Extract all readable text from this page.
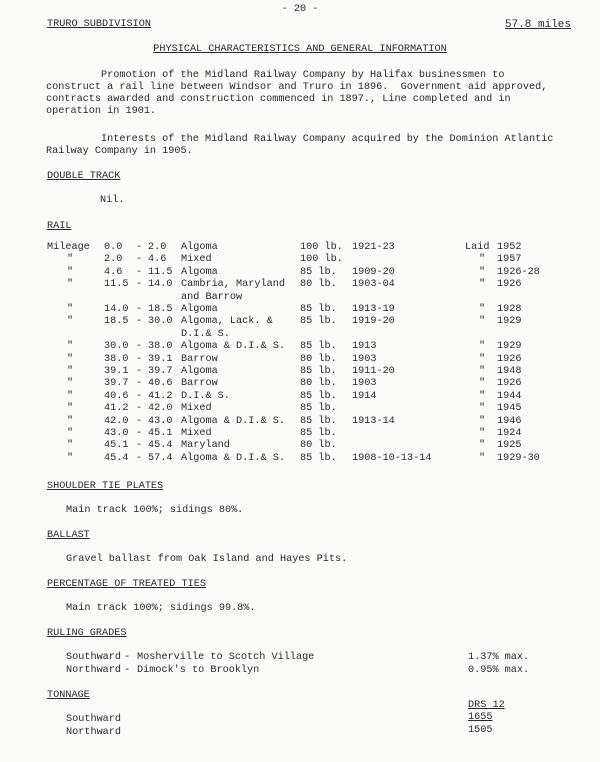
- 20 -
TRURO SUBDIVISION	57.8 miles
PHYSICAL CHARACTERISTICS AND GENERAL INFORMATION
Promotion of the Midland Railway Company by Halifax businessmen to
construct a rail line between Windsor and Truro in 1896.  Government aid approved,
contracts awarded and construction commenced in 1897., Line completed and in
operation in 1901.
Interests of the Midland Railway Company acquired by the Dominion Atlantic
Railway Company in 1905.
DOUBLE TRACK
Nil.
RAIL
Mileage 0.0 - 2.0 Algoma	100 lb. 1921-23	Laid 1952
"	2.0 - 4.6 Mixed	100 lb.	" 1957
"	4.6 - 11.5 Algoma	85 lb. 1909-20	" 1926-28
"	11.5 - 14.0 Cambria, Maryland 80 lb. 1903-04	" 1926
and Barrow
"	14.0 - 18.5 Algoma	85 lb. 1913-19	" 1928
"	18.5 - 30.0 Algoma, Lack. &	85 lb. 1919-20	" 1929
D.I.& S.
"	30.0 - 38.0 Algoma & D.I.& S. 85 lb. 1913	" 1929
"	38.0 - 39.1 Barrow	80 lb. 1903	" 1926
"	39.1 - 39.7 Algoma	85 lb. 1911-20	" 1948
"	39.7 - 40.6 Barrow	80 lb. 1903	" 1926
"	40.6 - 41.2 D.I.& S.	85 lb. 1914	" 1944
"	41.2 - 42.0 Mixed	85 lb.	" 1945
"	42.0 - 43.0 Algoma & D.I.& S. 85 lb. 1913-14	" 1946
"	43.0 - 45.1 Mixed	85 lb.	" 1924
"	45.1 - 45.4 Maryland	80 lb.	" 1925
"	45.4 - 57.4 Algoma & D.I.& S. 85 lb. 1908-10-13-14	" 1929-30
SHOULDER TIE PLATES
Main track 100%; sidings 80%.
BALLAST
Gravel ballast from Oak Island and Hayes Pits.
PERCENTAGE OF TREATED TIES
Main track 100%; sidings 99.8%.
RULING GRADES
Southward - Mosherville to Scotch Village	1.37% max.
Northward - Dimock's to Brooklyn	0.95% max.
TONNAGE
DRS 12
Southward	1655
Northward	1505
